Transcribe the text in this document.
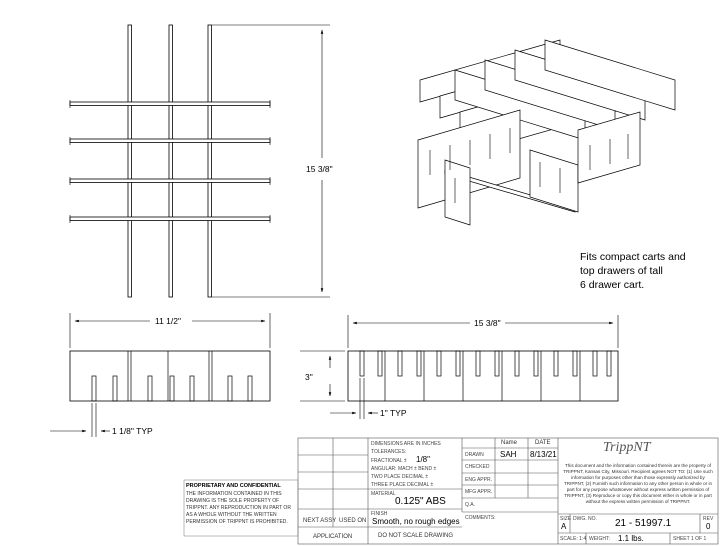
15 3/8"
11 1/2"
1 1/8" TYP
15 3/8"
3"
1" TYP
Fits compact carts and
top drawers of tall
6 drawer cart.
PROPRIETARY AND CONFIDENTIAL
THE INFORMATION CONTAINED IN THIS DRAWING IS THE SOLE PROPERTY OF TRIPPNT. ANY REPRODUCTION IN PART OR AS A WHOLE WITHOUT THE WRITTEN PERMISSION OF TRIPPNT IS PROHIBITED.	NEXT ASSY USED ON
APPLICATION
DIMENSIONS ARE IN INCHES
TOLERANCES:
FRACTIONAL ± 1/8"
ANGULAR: MACH ± BEND ±
TWO PLACE DECIMAL ±
THREE PLACE DECIMAL ±
MATERIAL
0.125" ABS
FINISH
Smooth, no rough edges
DO NOT SCALE DRAWING
Name	DATE
DRAWN SAH 8/13/21
CHECKED
ENG APPR.
MFG APPR.
Q.A.
COMMENTS:
TrippNT
This document and the information contained therein are the property of TRIPPNT, Kansas City, Missouri. Recipient agrees NOT TO: (1) Use such information for purposes other than those expressly authorized by TRIPPNT, (2) Furnish such information to any other person in whole or in part for any purpose whatsoever without express written permission of TRIPPNT, (3) Reproduce or copy this document either in whole or in part without the express written permission of TRIPPNT.
SIZE
A
DWG. NO. 21 - 51997.1	REV
0
SCALE: 1:4 WEIGHT: 1.1 lbs.	SHEET 1 OF 1
